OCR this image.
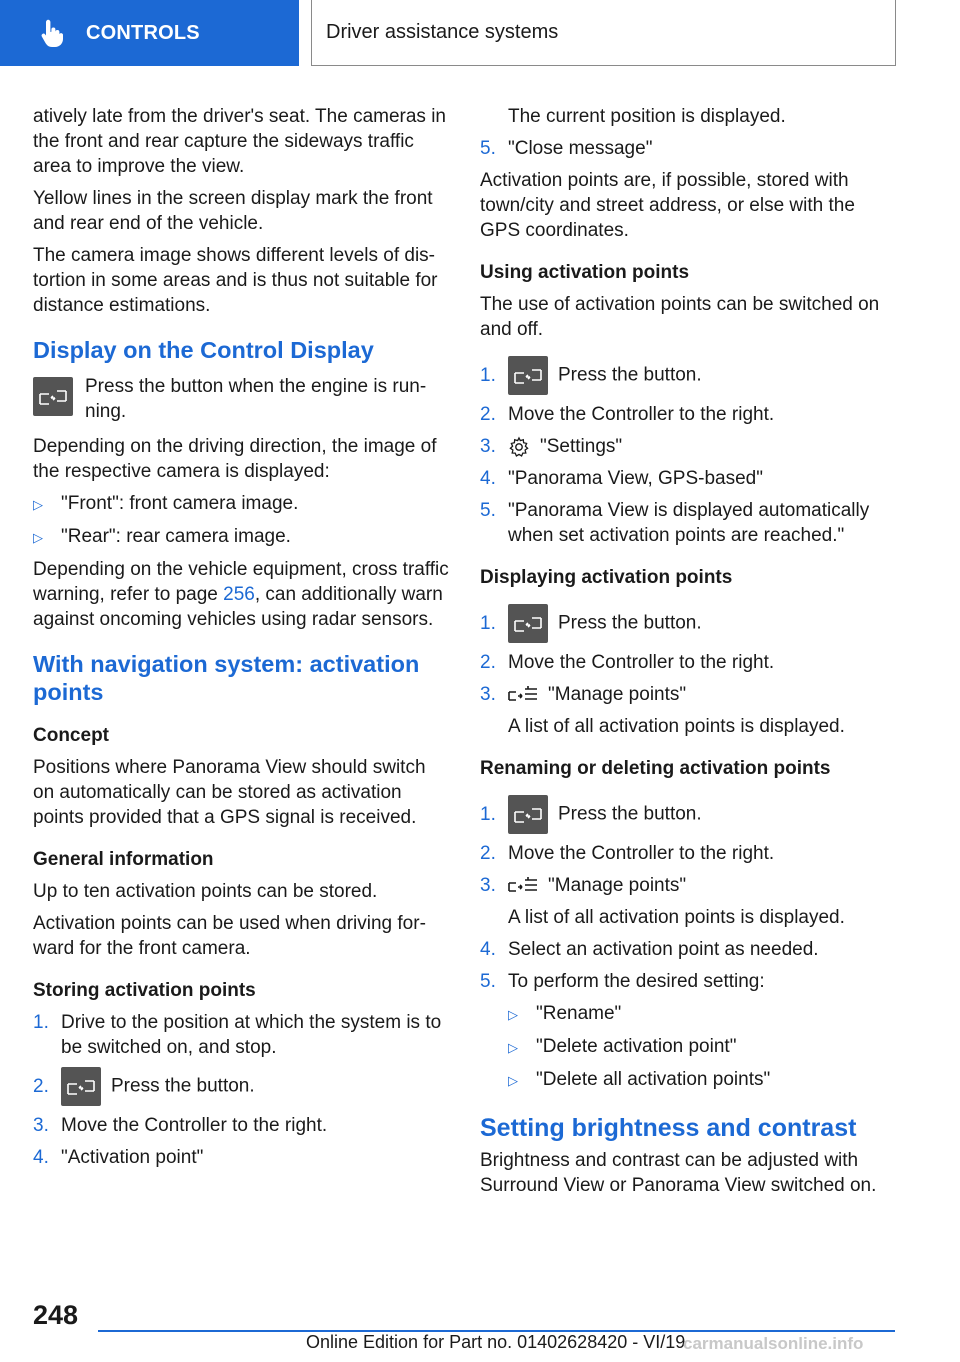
CONTROLS	Driver assistance systems

atively late from the driver's seat. The cameras in the front and rear capture the sideways traffic area to improve the view.

Yellow lines in the screen display mark the front and rear end of the vehicle.

The camera image shows different levels of distortion in some areas and is thus not suitable for distance estimations.

Display on the Control Display
Press the button when the engine is running.

Depending on the driving direction, the image of the respective camera is displayed:

▷ "Front": front camera image.
▷ "Rear": rear camera image.

Depending on the vehicle equipment, cross traffic warning, refer to page 256, can additionally warn against oncoming vehicles using radar sensors.

With navigation system: activation points
Concept

Positions where Panorama View should switch on automatically can be stored as activation points provided that a GPS signal is received.

General information

Up to ten activation points can be stored.

Activation points can be used when driving forward for the front camera.

Storing activation points
1. Drive to the position at which the system is to be switched on, and stop.
2.	Press the button.
3. Move the Controller to the right.
4. "Activation point"

The current position is displayed.

5. "Close message"

Activation points are, if possible, stored with town/city and street address, or else with the GPS coordinates.

Using activation points

The use of activation points can be switched on and off.

1.	Press the button.
2. Move the Controller to the right.
3.	"Settings"
4. "Panorama View, GPS-based"
5. "Panorama View is displayed automatically when set activation points are reached."
Displaying activation points
1.	Press the button.
2. Move the Controller to the right.
3.	"Manage points"
A list of all activation points is displayed.
Renaming or deleting activation points
1.	Press the button.
2. Move the Controller to the right.
3.	"Manage points"
A list of all activation points is displayed.
4. Select an activation point as needed.
5. To perform the desired setting:
▷ "Rename"
▷ "Delete activation point"
▷ "Delete all activation points"
Setting brightness and contrast

Brightness and contrast can be adjusted with Surround View or Panorama View switched on.

248
Online Edition for Part no. 01402628420 - VI/19
carmanualsonline.info
